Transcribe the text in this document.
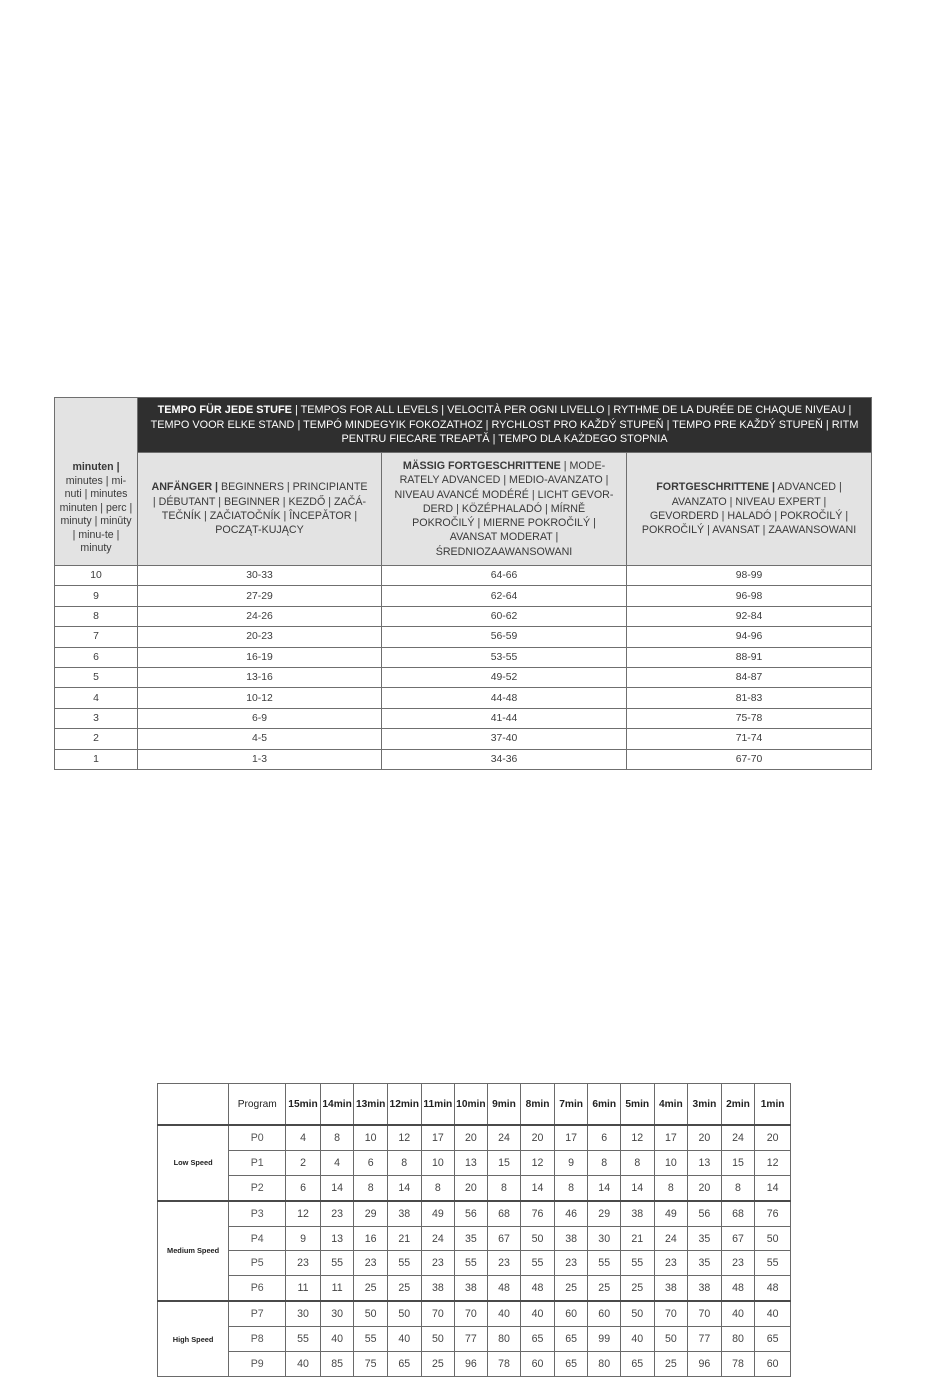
minuten | minutes | mi-nuti | minutes minuten | perc | minuty | minūty | minu-te | minuty	TEMPO FÜR JEDE STUFE | TEMPOS FOR ALL LEVELS | VELOCITÀ PER OGNI LIVELLO | RYTHME DE LA DURÉE DE CHAQUE NIVEAU | TEMPO VOOR ELKE STAND | TEMPÓ MINDEGYIK FOKOZATHOZ | RYCHLOST PRO KAŽDÝ STUPEŇ | TEMPO PRE KAŽDÝ STUPEŇ | RITM PENTRU FIECARE TREAPTĂ | TEMPO DLA KAŻDEGO STOPNIA		
	ANFÄNGER | BEGINNERS | PRINCIPIANTE | DÉBUTANT | BEGINNER | KEZDŐ | ZAČÁ-TEČNÍK | ZAČIATOČNÍK | ÎNCEPĂTOR | POCZĄT-KUJĄCY	MÄSSIG FORTGESCHRITTENE | MODE-RATELY ADVANCED | MEDIO-AVANZATO | NIVEAU AVANCÉ MODÉRÉ | LICHT GEVOR-DERD | KÖZÉPHALADÓ | MÍRNĚ POKROČILÝ | MIERNE POKROČILÝ | AVANSAT MODERAT | ŚREDNIOZAAWANSOWANI	FORTGESCHRITTENE | ADVANCED | AVANZATO | NIVEAU EXPERT | GEVORDERD | HALADÓ | POKROČILÝ | POKROČILÝ | AVANSAT | ZAAWANSOWANI
10	30-33	64-66	98-99
9	27-29	62-64	96-98
8	24-26	60-62	92-84
7	20-23	56-59	94-96
6	16-19	53-55	88-91
5	13-16	49-52	84-87
4	10-12	44-48	81-83
3	6-9	41-44	75-78
2	4-5	37-40	71-74
1	1-3	34-36	67-70
	Program	15min	14min	13min	12min	11min	10min	9min	8min	7min	6min	5min	4min	3min	2min	1min
Low Speed	P0	4	8	10	12	17	20	24	20	17	6	12	17	20	24	20
	P1	2	4	6	8	10	13	15	12	9	8	8	10	13	15	12
	P2	6	14	8	14	8	20	8	14	8	14	14	8	20	8	14
Medium Speed	P3	12	23	29	38	49	56	68	76	46	29	38	49	56	68	76
	P4	9	13	16	21	24	35	67	50	38	30	21	24	35	67	50
	P5	23	55	23	55	23	55	23	55	23	55	55	23	35	23	55
	P6	11	11	25	25	38	38	48	48	25	25	25	38	38	48	48
High Speed	P7	30	30	50	50	70	70	40	40	60	60	50	70	70	40	40
	P8	55	40	55	40	50	77	80	65	65	99	40	50	77	80	65
	P9	40	85	75	65	25	96	78	60	65	80	65	25	96	78	60
